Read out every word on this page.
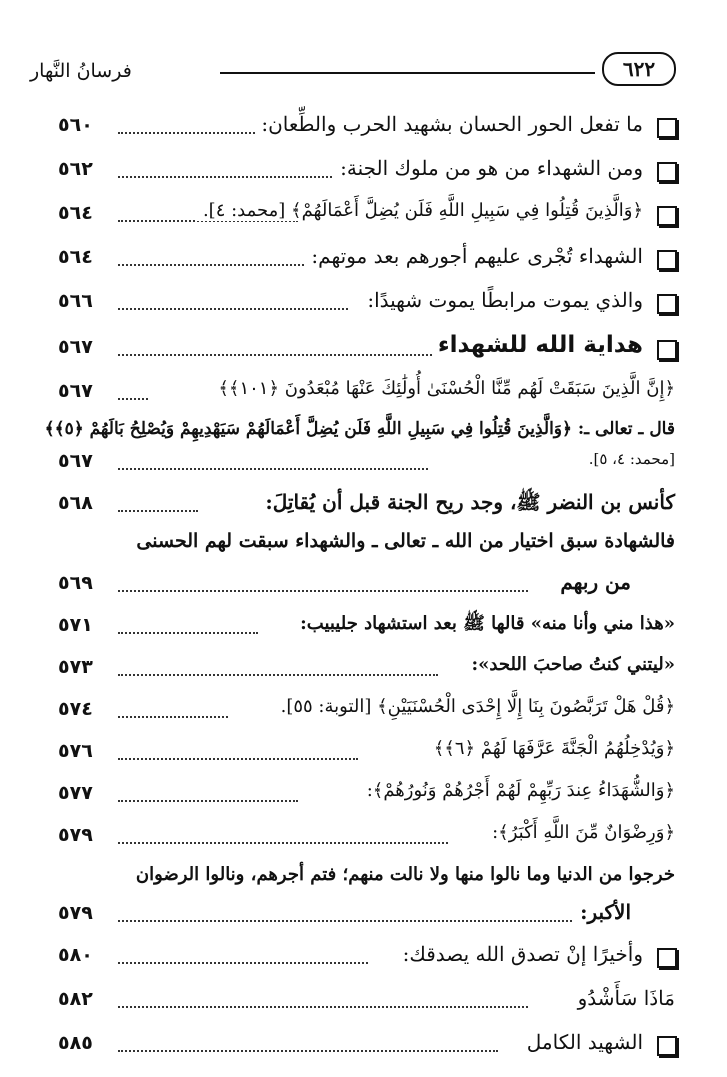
فرسانُ النَّهار	٦٢٢
ما تفعل الحور الحسان بشهيد الحرب والطِّعان:
٥٦٠
ومن الشهداء من هو من ملوك الجنة:
٥٦٢
﴿وَالَّذِينَ قُتِلُوا فِي سَبِيلِ اللَّهِ فَلَن يُضِلَّ أَعْمَالَهُمْ﴾ [محمد: ٤].
٥٦٤
الشهداء تُجْرى عليهم أجورهم بعد موتهم:
٥٦٤
والذي يموت مرابطًا يموت شهيدًا:
٥٦٦
هداية الله للشهداء
٥٦٧
﴿إِنَّ الَّذِينَ سَبَقَتْ لَهُم مِّنَّا الْحُسْنَىٰ أُولَٰئِكَ عَنْهَا مُبْعَدُونَ ﴿١٠١﴾﴾
٥٦٧
قال ـ تعالى ـ: ﴿وَالَّذِينَ قُتِلُوا فِي سَبِيلِ اللَّهِ فَلَن يُضِلَّ أَعْمَالَهُمْ سَيَهْدِيهِمْ وَيُصْلِحُ بَالَهُمْ ﴿٥﴾﴾
[محمد: ٤، ٥].
٥٦٧
كأنس بن النضر ﷺ، وجد ريح الجنة قبل أن يُقاتِلَ:
٥٦٨
فالشهادة سبق اختيار من الله ـ تعالى ـ والشهداء سبقت لهم الحسنى
من ربهم
٥٦٩
«هذا مني وأنا منه» قالها ﷺ بعد استشهاد جليبيب:
٥٧١
«ليتني كنتُ صاحبَ اللحد»:
٥٧٣
﴿قُلْ هَلْ تَرَبَّصُونَ بِنَا إِلَّا إِحْدَى الْحُسْنَيَيْنِ﴾ [التوبة: ٥٥].
٥٧٤
﴿وَيُدْخِلُهُمُ الْجَنَّةَ عَرَّفَهَا لَهُمْ ﴿٦﴾﴾
٥٧٦
﴿وَالشُّهَدَاءُ عِندَ رَبِّهِمْ لَهُمْ أَجْرُهُمْ وَنُورُهُمْ﴾:
٥٧٧
﴿وَرِضْوَانٌ مِّنَ اللَّهِ أَكْبَرُ﴾:
٥٧٩
خرجوا من الدنيا وما نالوا منها ولا نالت منهم؛ فتم أجرهم، ونالوا الرضوان
الأكبر:
٥٧٩
وأخيرًا إنْ تصدق الله يصدقك:
٥٨٠
مَاذَا سَأَشْدُو
٥٨٢
الشهيد الكامل
٥٨٥
